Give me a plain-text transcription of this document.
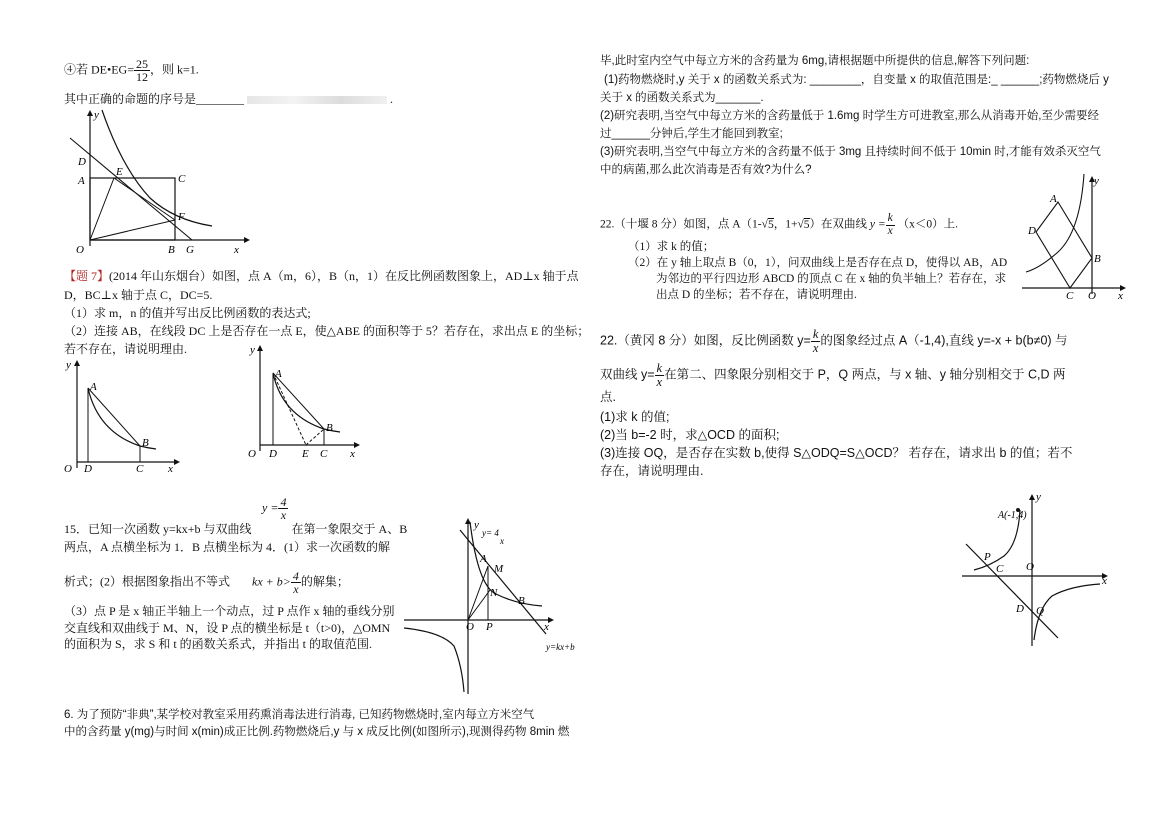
④若 DE•EG= $\frac{25}{12}$ ，则 k=1.
其中正确的命题的序号是________	.
y
D
A
E
C
F
O	B G	x
【题 7】(2014 年山东烟台）如图，点 A（m，6），B（n，1）在反比例函数图象上，AD⊥x 轴于点
D，BC⊥x 轴于点 C，DC=5.
（1）求 m，n 的值并写出反比例函数的表达式;
（2）连接 AB，在线段 DC 上是否存在一点 E，使△ABE 的面积等于 5？若存在，求出点 E 的坐标；
若不存在，请说明理由.
y
A
B
O D	C x
y
A
B
O D E C x
$y = \frac{4}{x}$
15．已知一次函数 y=kx+b 与双曲线	在第一象限交于 A、B
两点，A 点横坐标为 1．B 点横坐标为 4．(1）求一次函数的解
析式；(2）根据图象指出不等式 kx + $b> \frac{4}{x}$ 的解集；
（3）点 P 是 x 轴正半轴上一个动点，过 P 点作 x 轴的垂线分别
交直线和双曲线于 M、N，设 P 点的横坐标是 t（t>0)，△OMN
的面积为 S，求 S 和 t 的函数关系式，并指出 t 的取值范围.
y
y= 4
x
A
M
N
B
O P	x
y=kx+b
6. 为了预防“非典”,某学校对教室采用药熏消毒法进行消毒, 已知药物燃烧时,室内每立方米空气
中的含药量 y(mg)与时间 x(min)成正比例.药物燃烧后,y 与 x 成反比例(如图所示),现测得药物 8min 燃
毕,此时室内空气中每立方米的含药量为 6mg,请根据题中所提供的信息,解答下列问题:
(1)药物燃烧时,y 关于 x 的函数关系式为: ________，自变量 x 的取值范围是:_ ______;药物燃烧后 y
关于 x 的函数关系式为_______.
(2)研究表明,当空气中每立方米的含药量低于 1.6mg 时学生方可进教室,那么从消毒开始,至少需要经
过______分钟后,学生才能回到教室;
(3)研究表明,当空气中每立方米的含药量不低于 3mg 且持续时间不低于 10min 时,才能有效杀灭空气
中的病菌,那么此次消毒是否有效?为什么?
22.（十堰 8 分）如图，点 A（1-√5，1+√5）在双曲线 $y = \frac{k}{x} (x<0)$上.
（1）求 k 的值；
（2）在 y 轴上取点 B（0，1），问双曲线上是否存在点 D，使得以 AB，AD
为邻边的平行四边形 ABCD 的顶点 C 在 x 轴的负半轴上？若存在，求
出点 D 的坐标；若不存在，请说明理由.
y
A
D
B
C O x
22.（黄冈 8 分）如图，反比例函数 $y= \frac{k}{x}$ 的图象经过点 A（-1,4),直线 y=-x + b(b≠0) 与
双曲线 $y= \frac{k}{x}$ 在第二、四象限分别相交于 P，Q 两点，与 x 轴、y 轴分别相交于 C,D 两
点.
(1)求 k 的值;
(2)当 b=-2 时，求△OCD 的面积;
(3)连接 OQ，是否存在实数 b,使得 S△ODQ=S△OCD？ 若存在，请求出 b 的值；若不
存在，请说明理由.
A(-1,4)
y
P
C O
x
D Q
